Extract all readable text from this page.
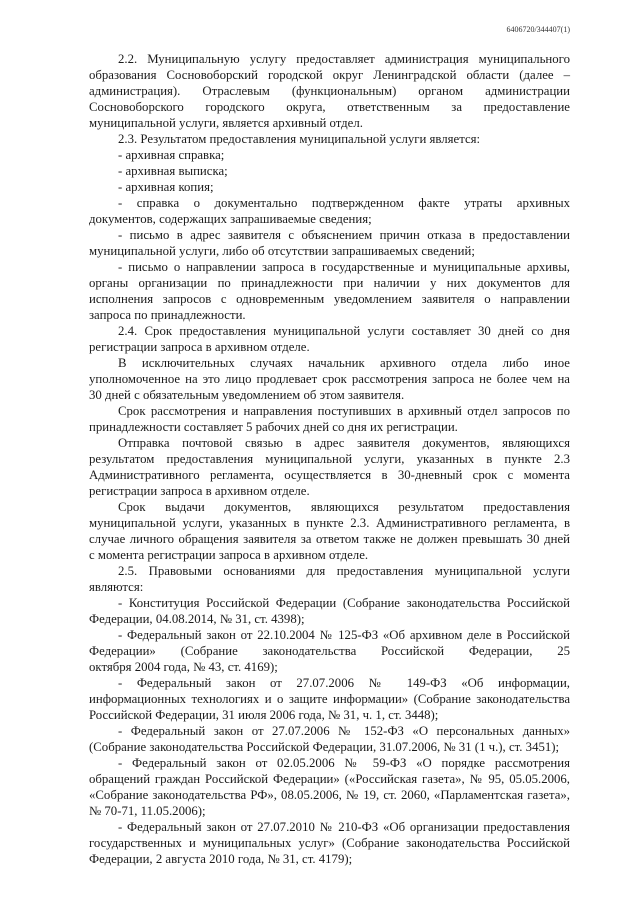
6406720/344407(1)
2.2. Муниципальную услугу предоставляет администрация муниципального
образования Сосновоборский городской округ Ленинградской области (далее –
администрация). Отраслевым (функциональным) органом администрации
Сосновоборского городского округа, ответственным за предоставление
муниципальной услуги, является архивный отдел.
2.3. Результатом предоставления муниципальной услуги является:
- архивная справка;
- архивная выписка;
- архивная копия;
- справка о документально подтвержденном факте утраты архивных
документов, содержащих запрашиваемые сведения;
- письмо в адрес заявителя с объяснением причин отказа в предоставлении
муниципальной услуги, либо об отсутствии запрашиваемых сведений;
- письмо о направлении запроса в государственные и муниципальные архивы,
органы организации по принадлежности при наличии у них документов для
исполнения запросов с одновременным уведомлением заявителя о направлении
запроса по принадлежности.
2.4. Срок предоставления муниципальной услуги составляет 30 дней со дня
регистрации запроса в архивном отделе.
В исключительных случаях начальник архивного отдела либо иное
уполномоченное на это лицо продлевает срок рассмотрения запроса не более чем на
30 дней с обязательным уведомлением об этом заявителя.
Срок рассмотрения и направления поступивших в архивный отдел запросов по
принадлежности составляет 5 рабочих дней со дня их регистрации.
Отправка почтовой связью в адрес заявителя документов, являющихся
результатом предоставления муниципальной услуги, указанных в пункте 2.3
Административного регламента, осуществляется в 30-дневный срок с момента
регистрации запроса в архивном отделе.
Срок выдачи документов, являющихся результатом предоставления
муниципальной услуги, указанных в пункте 2.3. Административного регламента, в
случае личного обращения заявителя за ответом также не должен превышать 30 дней
с момента регистрации запроса в архивном отделе.
2.5. Правовыми основаниями для предоставления муниципальной услуги
являются:
- Конституция Российской Федерации (Собрание законодательства Российской
Федерации, 04.08.2014, № 31, ст. 4398);
- Федеральный закон от 22.10.2004 № 125-ФЗ «Об архивном деле в Российской
Федерации» (Собрание законодательства Российской Федерации, 25
октября 2004 года, № 43, ст. 4169);
- Федеральный закон от 27.07.2006 № 149-ФЗ «Об информации,
информационных технологиях и о защите информации» (Собрание законодательства
Российской Федерации, 31 июля 2006 года, № 31, ч. 1, ст. 3448);
- Федеральный закон от 27.07.2006 № 152-ФЗ «О персональных данных»
(Собрание законодательства Российской Федерации, 31.07.2006, № 31 (1 ч.), ст. 3451);
- Федеральный закон от 02.05.2006 № 59-ФЗ «О порядке рассмотрения
обращений граждан Российской Федерации» («Российская газета», № 95, 05.05.2006,
«Собрание законодательства РФ», 08.05.2006, № 19, ст. 2060, «Парламентская газета»,
№ 70-71, 11.05.2006);
- Федеральный закон от 27.07.2010 № 210-ФЗ «Об организации предоставления
государственных и муниципальных услуг» (Собрание законодательства Российской
Федерации, 2 августа 2010 года, № 31, ст. 4179);
